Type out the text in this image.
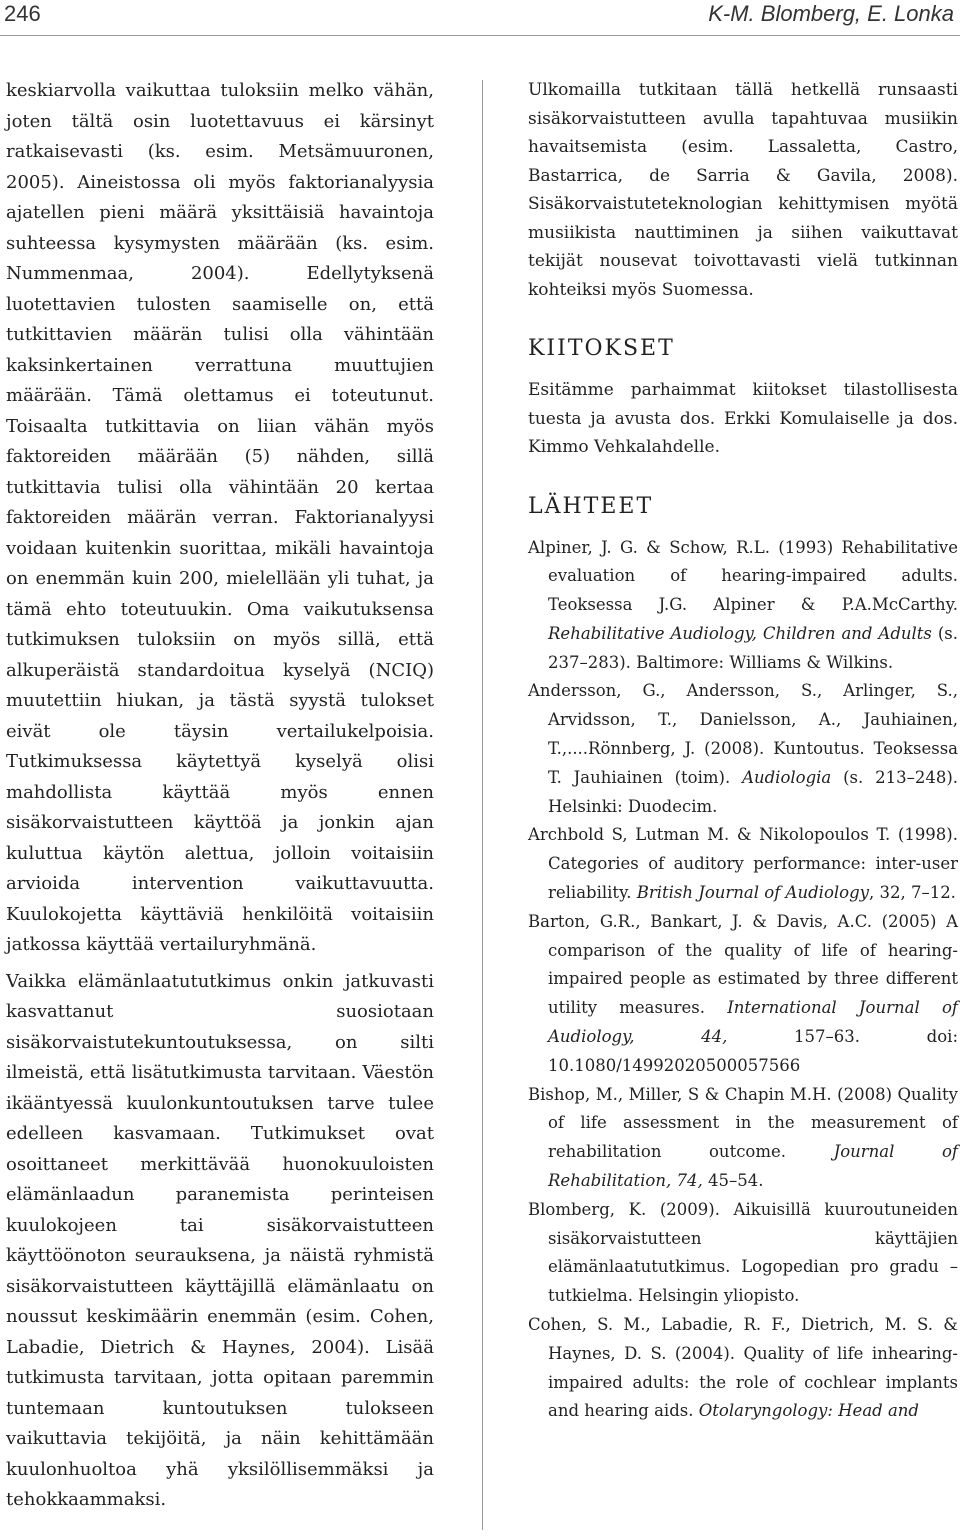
246	K-M. Blomberg, E. Lonka

keskiarvolla vaikuttaa tuloksiin melko vähän, joten tältä osin luotettavuus ei kärsinyt ratkaisevasti (ks. esim. Metsämuuronen, 2005). Aineistossa oli myös faktorianalyysia ajatellen pieni määrä yksittäisiä havaintoja suhteessa kysymysten määrään (ks. esim. Nummenmaa, 2004). Edellytyksenä luotettavien tulosten saamiselle on, että tutkittavien määrän tulisi olla vähintään kaksinkertainen verrattuna muuttujien määrään. Tämä olettamus ei toteutunut. Toisaalta tutkittavia on liian vähän myös faktoreiden määrään (5) nähden, sillä tutkittavia tulisi olla vähintään 20 kertaa faktoreiden määrän verran. Faktorianalyysi voidaan kuitenkin suorittaa, mikäli havaintoja on enemmän kuin 200, mielellään yli tuhat, ja tämä ehto toteutuukin. Oma vaikutuksensa tutkimuksen tuloksiin on myös sillä, että alkuperäistä standardoitua kyselyä (NCIQ) muutettiin hiukan, ja tästä syystä tulokset eivät ole täysin vertailukelpoisia. Tutkimuksessa käytettyä kyselyä olisi mahdollista käyttää myös ennen sisäkorvaistutteen käyttöä ja jonkin ajan kuluttua käytön alettua, jolloin voitaisiin arvioida intervention vaikuttavuutta. Kuulokojetta käyttäviä henkilöitä voitaisiin jatkossa käyttää vertailuryhmänä.

Vaikka elämänlaatututkimus onkin jatkuvasti kasvattanut suosiotaan sisäkorvaistutekuntoutuksessa, on silti ilmeistä, että lisätutkimusta tarvitaan. Väestön ikääntyessä kuulonkuntoutuksen tarve tulee edelleen kasvamaan. Tutkimukset ovat osoittaneet merkittävää huonokuuloisten elämänlaadun paranemista perinteisen kuulokojeen tai sisäkorvaistutteen käyttöönoton seurauksena, ja näistä ryhmistä sisäkorvaistutteen käyttäjillä elämänlaatu on noussut keskimäärin enemmän (esim. Cohen, Labadie, Dietrich & Haynes, 2004). Lisää tutkimusta tarvitaan, jotta opitaan paremmin tuntemaan kuntoutuksen tulokseen vaikuttavia tekijöitä, ja näin kehittämään kuulonhuoltoa yhä yksilöllisemmäksi ja tehokkaammaksi.

Ulkomailla tutkitaan tällä hetkellä runsaasti sisäkorvaistutteen avulla tapahtuvaa musiikin havaitsemista (esim. Lassaletta, Castro, Bastarrica, de Sarria & Gavila, 2008). Sisäkorvaistuteteknologian kehittymisen myötä musiikista nauttiminen ja siihen vaikuttavat tekijät nousevat toivottavasti vielä tutkinnan kohteiksi myös Suomessa.

KIITOKSET

Esitämme parhaimmat kiitokset tilastollisesta tuesta ja avusta dos. Erkki Komulaiselle ja dos. Kimmo Vehkalahdelle.

LÄHTEET

Alpiner, J. G. & Schow, R.L. (1993) Rehabilitative evaluation of hearing-impaired adults. Teoksessa J.G. Alpiner & P.A.McCarthy. Rehabilitative Audiology, Children and Adults (s. 237–283). Baltimore: Williams & Wilkins.

Andersson, G., Andersson, S., Arlinger, S., Arvidsson, T., Danielsson, A., Jauhiainen, T.,....Rönnberg, J. (2008). Kuntoutus. Teoksessa T. Jauhiainen (toim). Audiologia (s. 213–248). Helsinki: Duodecim.

Archbold S, Lutman M. & Nikolopoulos T. (1998). Categories of auditory performance: inter-user reliability. British Journal of Audiology, 32, 7–12.

Barton, G.R., Bankart, J. & Davis, A.C. (2005) A comparison of the quality of life of hearing-impaired people as estimated by three different utility measures. International Journal of Audiology, 44, 157–63. doi: 10.1080/14992020500057566

Bishop, M., Miller, S & Chapin M.H. (2008) Quality of life assessment in the measurement of rehabilitation outcome. Journal of Rehabilitation, 74, 45–54.

Blomberg, K. (2009). Aikuisillä kuuroutuneiden sisäkorvaistutteen käyttäjien elämänlaatututkimus. Logopedian pro gradu –tutkielma. Helsingin yliopisto.

Cohen, S. M., Labadie, R. F., Dietrich, M. S. & Haynes, D. S. (2004). Quality of life inhearing-impaired adults: the role of cochlear implants and hearing aids. Otolaryngology: Head and
